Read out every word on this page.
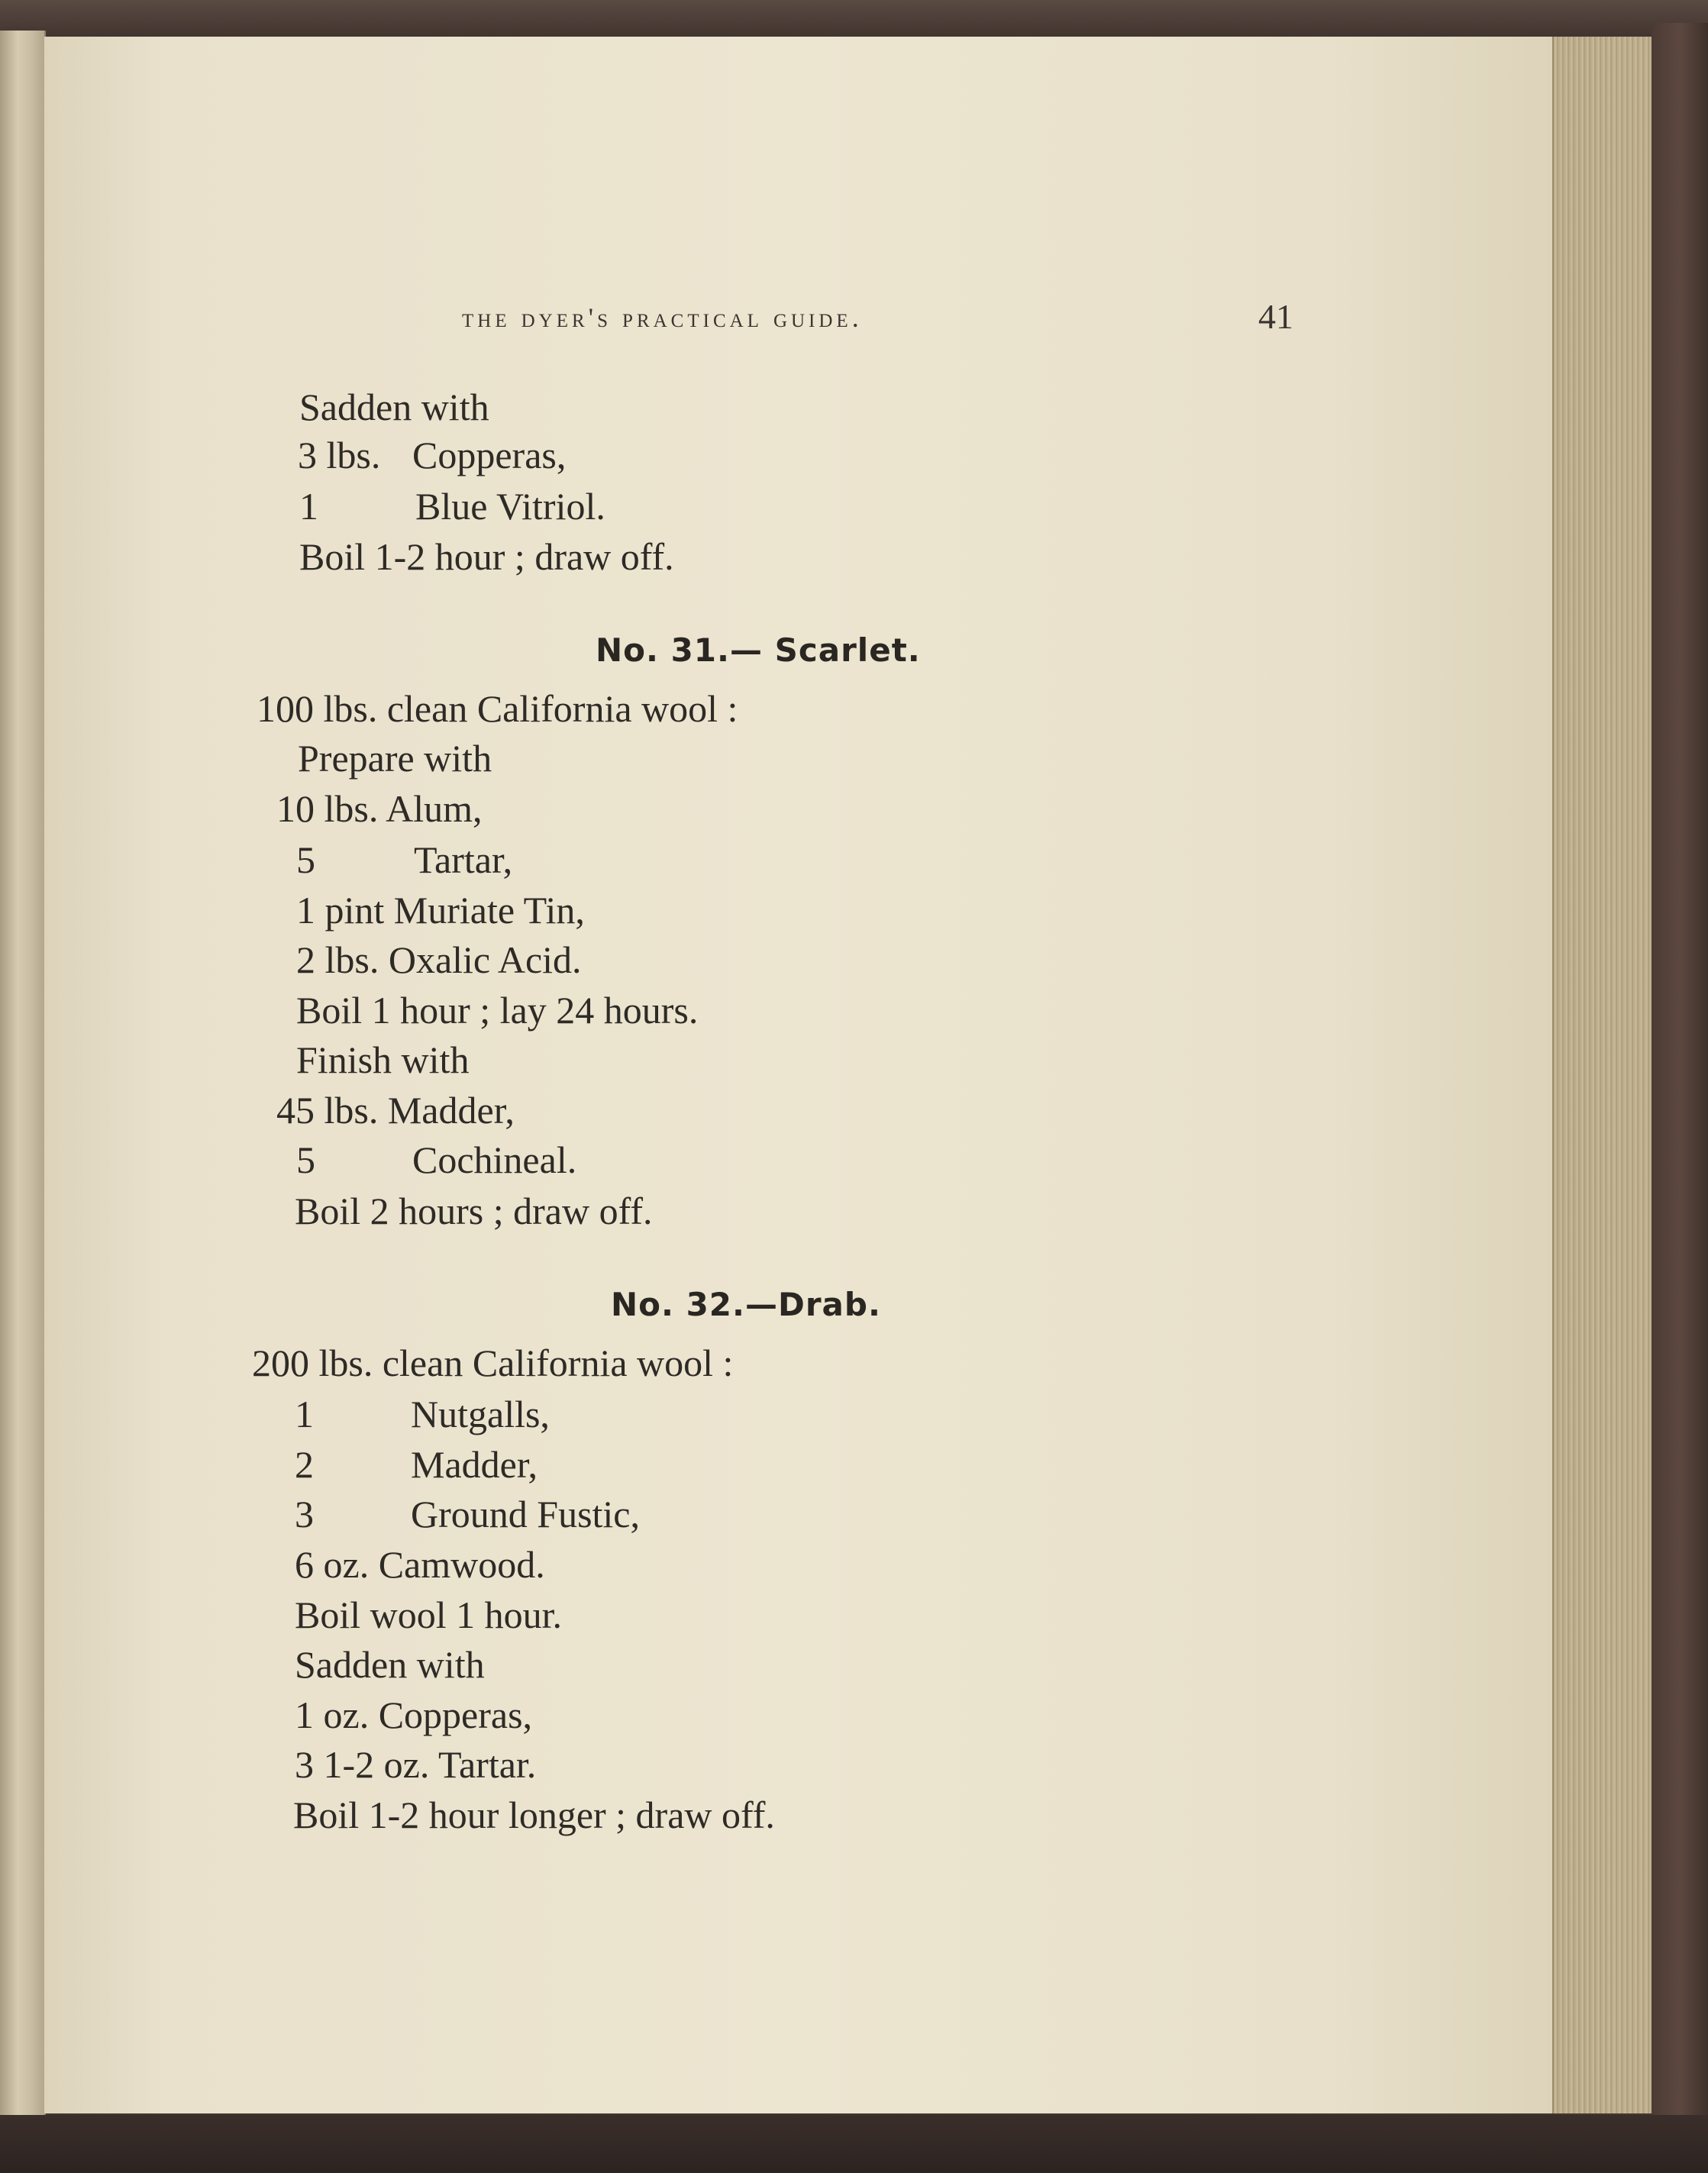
the dyer's practical guide.	41
Sadden with
3 lbs. Copperas,
1	Blue Vitriol.
Boil 1-2 hour ; draw off.
No. 31.— Scarlet.
100 lbs. clean California wool :
Prepare with
10 lbs. Alum,
5	Tartar,
1 pint Muriate Tin,
2 lbs. Oxalic Acid.
Boil 1 hour ; lay 24 hours.
Finish with
45 lbs. Madder,
5	Cochineal.
Boil 2 hours ; draw off.
No. 32.—Drab.
200 lbs. clean California wool :
1	Nutgalls,
2	Madder,
3	Ground Fustic,
6 oz. Camwood.
Boil wool 1 hour.
Sadden with
1 oz. Copperas,
3 1-2 oz. Tartar.
Boil 1-2 hour longer ; draw off.
